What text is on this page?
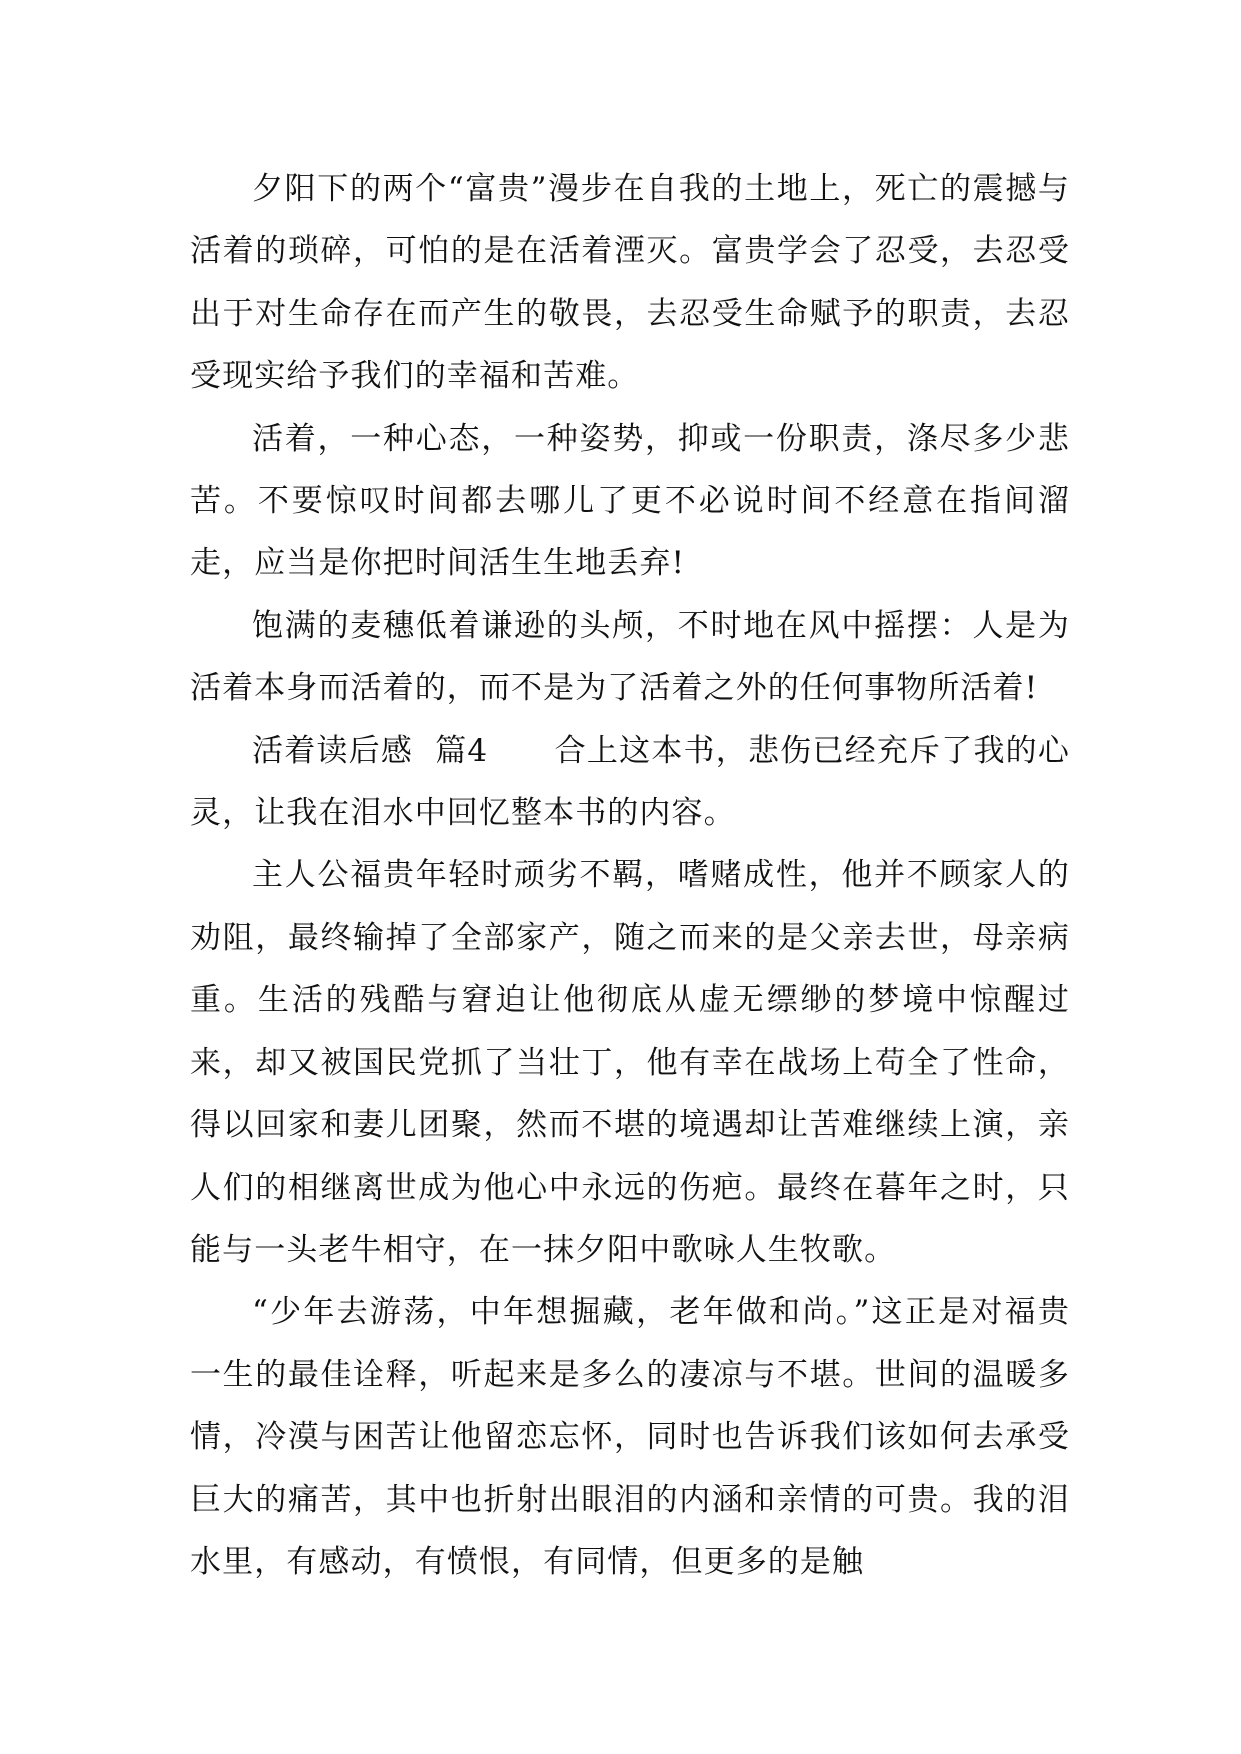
夕阳下的两个“富贵”漫步在自我的土地上，死亡的震撼与活着的琐碎，可怕的是在活着湮灭。富贵学会了忍受，去忍受出于对生命存在而产生的敬畏，去忍受生命赋予的职责，去忍受现实给予我们的幸福和苦难。

活着，一种心态，一种姿势，抑或一份职责，涤尽多少悲苦。不要惊叹时间都去哪儿了更不必说时间不经意在指间溜走，应当是你把时间活生生地丢弃!

饱满的麦穗低着谦逊的头颅，不时地在风中摇摆：人是为活着本身而活着的，而不是为了活着之外的任何事物所活着!

活着读后感  篇4      合上这本书，悲伤已经充斥了我的心灵，让我在泪水中回忆整本书的内容。

主人公福贵年轻时顽劣不羁，嗜赌成性，他并不顾家人的劝阻，最终输掉了全部家产，随之而来的是父亲去世，母亲病重。生活的残酷与窘迫让他彻底从虚无缥缈的梦境中惊醒过来，却又被国民党抓了当壮丁，他有幸在战场上苟全了性命，得以回家和妻儿团聚，然而不堪的境遇却让苦难继续上演，亲人们的相继离世成为他心中永远的伤疤。最终在暮年之时，只能与一头老牛相守，在一抹夕阳中歌咏人生牧歌。

“少年去游荡，中年想掘藏，老年做和尚。”这正是对福贵一生的最佳诠释，听起来是多么的凄凉与不堪。世间的温暖多情，冷漠与困苦让他留恋忘怀，同时也告诉我们该如何去承受巨大的痛苦，其中也折射出眼泪的内涵和亲情的可贵。我的泪水里，有感动，有愤恨，有同情，但更多的是触
